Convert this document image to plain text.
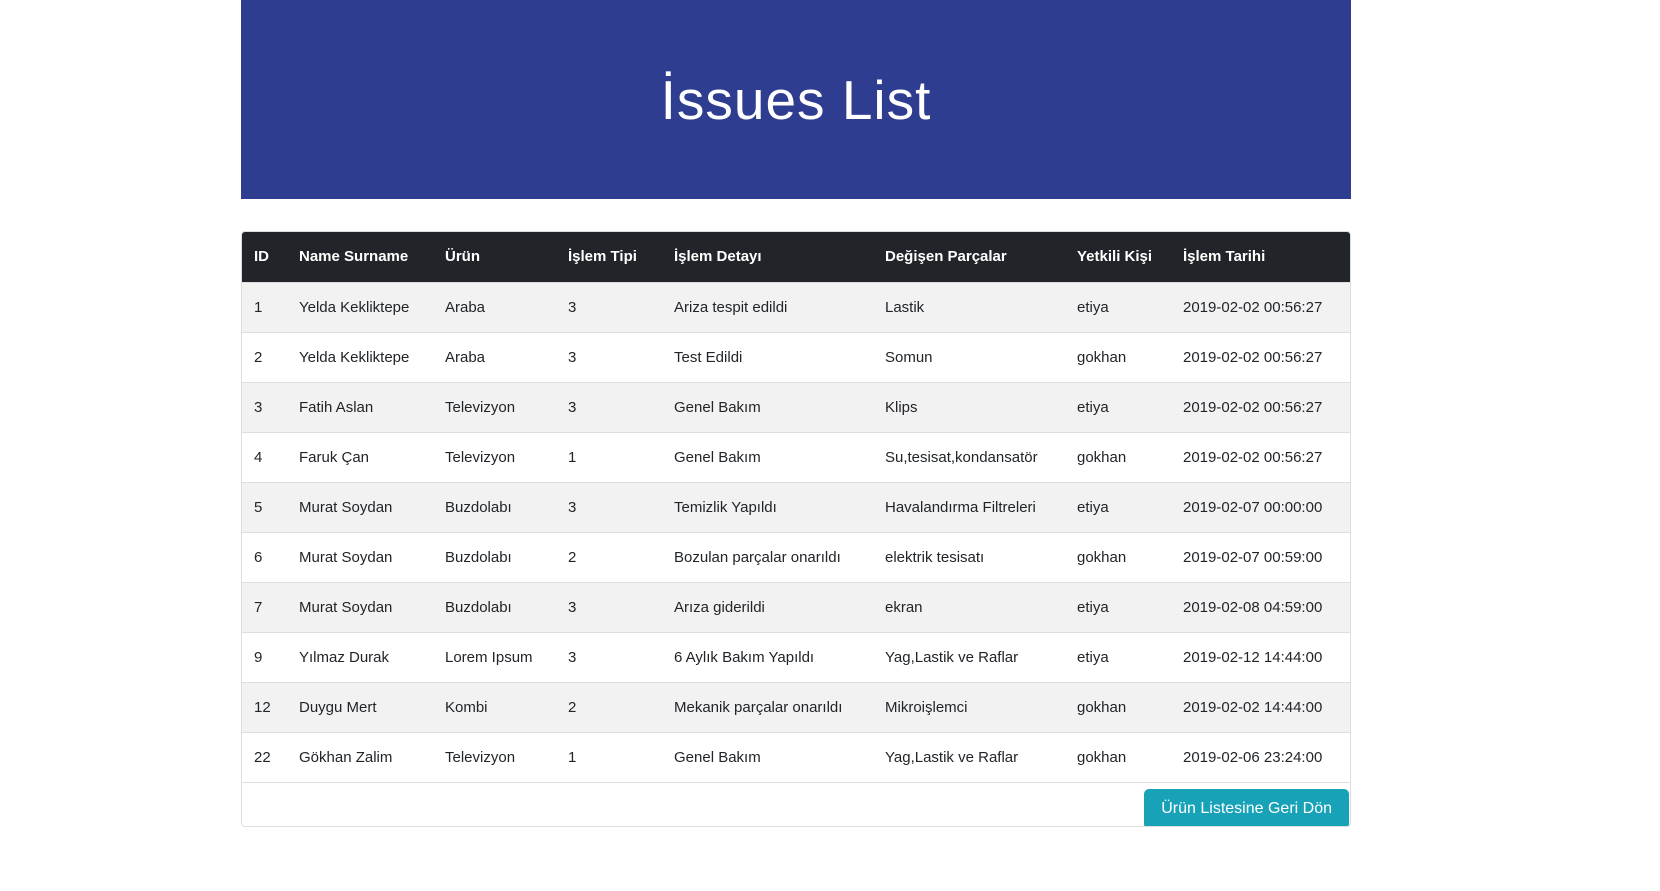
İssues List
ID	Name Surname	Ürün	İşlem Tipi	İşlem Detayı	Değişen Parçalar	Yetkili Kişi	İşlem Tarihi
1	Yelda Kekliktepe	Araba	3	Ariza tespit edildi	Lastik	etiya	2019-02-02 00:56:27
2	Yelda Kekliktepe	Araba	3	Test Edildi	Somun	gokhan	2019-02-02 00:56:27
3	Fatih Aslan	Televizyon	3	Genel Bakım	Klips	etiya	2019-02-02 00:56:27
4	Faruk Çan	Televizyon	1	Genel Bakım	Su,tesisat,kondansatör	gokhan	2019-02-02 00:56:27
5	Murat Soydan	Buzdolabı	3	Temizlik Yapıldı	Havalandırma Filtreleri	etiya	2019-02-07 00:00:00
6	Murat Soydan	Buzdolabı	2	Bozulan parçalar onarıldı	elektrik tesisatı	gokhan	2019-02-07 00:59:00
7	Murat Soydan	Buzdolabı	3	Arıza giderildi	ekran	etiya	2019-02-08 04:59:00
9	Yılmaz Durak	Lorem Ipsum	3	6 Aylık Bakım Yapıldı	Yag,Lastik ve Raflar	etiya	2019-02-12 14:44:00
12	Duygu Mert	Kombi	2	Mekanik parçalar onarıldı	Mikroişlemci	gokhan	2019-02-02 14:44:00
22	Gökhan Zalim	Televizyon	1	Genel Bakım	Yag,Lastik ve Raflar	gokhan	2019-02-06 23:24:00
Ürün Listesine Geri Dön
